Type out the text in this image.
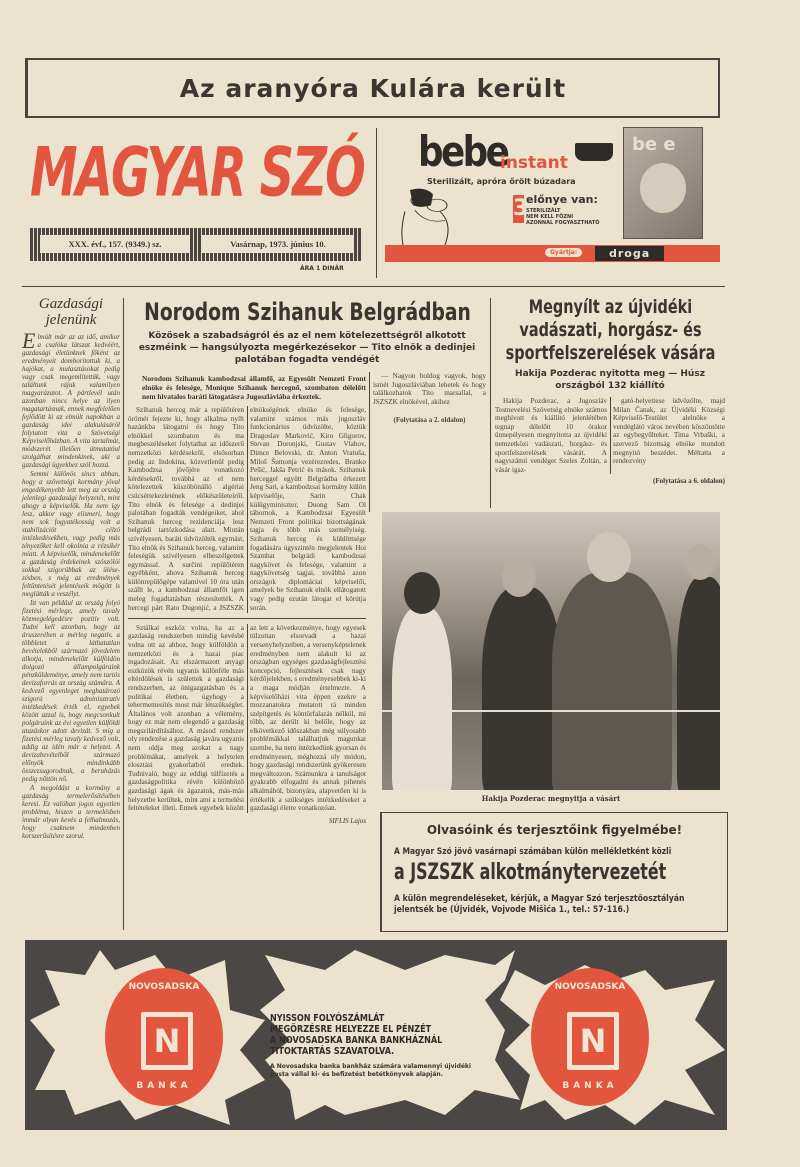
Az aranyóra Kulára került
MAGYAR SZÓ
XXX. évf., 157. (9349.) sz.	Vasárnap, 1973. június 10.
ÁRA 1 DINÁR
bebe
instant
Sterilizált, apróra őrölt búzadara
3
előnye van:
STERILIZÁLT
NEM KELL FŐZNI
AZONNAL FOGYASZTHATÓ
be e
Gyártja:	droga
Gazdasági jelenünk

Elmúlt már az az idő, amikor a csalóka látszat kedvéért, gazdasági életünknek főként az eredményeit domborítottuk ki, a hajókat, a mulasztásokat pedig vagy csak megemlítettük, vagy találtunk rájuk valamilyen magyarázatot. A pártlevél után azonban nincs helye az ilyen magatartásnak, ennek megfelelően fejlődött ki az elmúlt napokban a gazdaság idei alakulásáról folytatott vita a Szövetségi Képviselőházban. A vita tartalmát, módszerét illetően útmutatóul szolgálhat mindenkinek, aki a gazdasági ügyekhez szól hozzá.

Semmi különös sincs abban, hogy a szövetségi kormány jóval engedékenyebb lett meg az ország jelenlegi gazdasági helyzetét, mint ahogy a képviselők. Ha nem így lesz, akkor vagy elismeri, hogy nem sok fogyatékosság volt a stabilizációt célzó intézkedésekben, vagy pedig más tényezőket kell okolnia a rézsikér miatt. A képviselők, mindenekelőtt a gazdaság érdekeinek szószólói sokkal szigorúbbak az ülésezésben, s még az eredmények feltüntetését jelentéseik mögött is meglátták a veszélyt.

Itt van például az ország folyó fizetési mérlege, amely tavaly közmegelégedésre pozitív volt. Tudni kell azonban, hogy az áruszerében a mérleg negatív, a többletet a láthatatlan bevételekből származó jövedelem alkotja, mindenekelőtt külföldön dolgozó állampolgáraink pénzküldeménye, amely nem tartós devizaforrás az ország számára. A kedvező egyenleget meghatározó szigorú adminisztratív intézkedések érték el, egyebek között azzal is, hogy megcsonkult polgáraink az évi egyetlen külföldi utazáskor adott devizát. S míg a fizetési mérleg tavaly kedvező volt, addig az idén már a helyzet. A devizabevételből származó előnyök mindinkább összezsugorodnak, a beruházás pedig nőttön nő.

A megoldást a kormány a gazdaság termelerősítésében keresi. Ez valóban jogos egyetlen probléma, hiszen a termelésben immár olyan kevés a felhalmozás, hogy csaknem mindenben korszerűsítésre szorul.

Norodom Szihanuk Belgrádban
Közösek a szabadságról és az el nem kötelezettségről alkotott eszméink — hangsúlyozta megérkezésekor — Tito elnök a dedinjei palotában fogadta vendégét
Norodom Szihanuk kambodzsai államfő, az Egyesült Nemzeti Front elnöke és felesége, Monique Szihanuk hercegnő, szombaton délelőtt nem hivatalos baráti látogatásra Jugoszláviába érkeztek.

Szihanuk herceg már a repülőtéren örömét fejezte ki, hogy alkalma nyílt hazánkba látogatni és hogy Tito elnökkel szombaton és ma megbeszéléseket folytathat az időszerű nemzetközi kérdésekről, elsősorban pedig az Indokína, közvetlenül pedig Kambodzsa jövőjére vonatkozó kérdésekről, továbbá az el nem kötelezettek küszöbönálló algériai csúcsértekezletének előkészületeiről. Tito elnök és felesége a dedinjei palotában fogadták vendégeiket, ahol Szihanuk herceg rezidenciája lesz belgrádi tartózkodása alatt. Miután szívélyesen, baráti üdvözölték egymást, Tito elnök és Szihanuk herceg, valamint feleségük szívélyesen elbeszélgettek egymással. A surčini repülőtéren egyébként, ahova Szihanuk herceg különrepülőgépe valamivel 10 óra után szállt le, a kambodzsai államfőt igen meleg fogadtatásban részesítették. A hercegi párt Rato Dugonjić, a JSZSZK elnökségének elnöke és felesége, valamint számos más jugoszláv funkcionárius üdvözölte, köztük Dragoslav Marković, Kiro Gligorov, Stevan Doronjski, Gustav Vlahov, Dimce Belovski, dr. Anton Vratuša, Miloš Šumonja vezérezredes, Branko Pešić, Jakša Petrić és mások. Szihanuk herceggel együtt Belgrádba érkezett Jeng Sari, a kambodzsai kormány külön képviselője, Sarin Chak külügyminiszter, Duong Sam Ol tábornok, a Kambodzsai Egyesült Nemzeti Front politikai bizottságának tagja és több más személyiség. Szihanuk herceg és küldöttsége fogadására úgyszintén megjelentek Hoi Szambat belgrádi kambodzsai nagykövet és felesége, valamint a nagykövetség tagjai, továbbá azon országok diplomáciai képviselői, amelyek be Szihanuk elnök ellátogatott vagy pedig ezután látogat el körútja során.

Sztálkai eszköz volna, ha az a gazdaság rendszerben mindig kevésbé volna ott az ahhoz, hogy külföldön a nemzetközi és a hazai piac ingadozásait. Az elszármazott anyagi eszközök révén ugyanis különféle más eltérdölések is születtek a gazdasági rendszerben, az önigazgatásban és a politikai életben, úgyhogy a tehermentesítés most már létszükséglet. Általános volt azonban a vélemény, hogy ez már nem elegendő a gazdaság megszilárdításához. A másod rendszer oly rendezése a gazdaság javára ugyanis nem oldja meg azokat a nagy problémákat, amelyek a helytelen elosztási gyakorlatból eredtek. Tudnivaló, hogy az eddigi túlfizetés a gazdaságpolitika révén különböző gazdasági ágak és ágazatok, más-más helyzetbe kerültek, mint ami a termelési feltételeket illeti. Ennek egyebek között az lett a következménye, hogy egyesek túlzottan elsorvadt a hazai versenyhelyzetben, a versenyképtelenek eredményben nem alakult ki az országban egységes gazdaságfejlesztési koncepció, fejlesztések csak nagy kérdőjelekben, s eredményesebbek ki-ki a maga módján értelmezte. A képviselőházi vita éppen ezekre a mozzanatokra mutatott rá minden szépítgetés és köntörfalazás nélkül, mi több, az derült ki belőle, hogy az elkövetkező időszakban még súlyosabb problémákkal találhatjuk magunkat szembe, ha nem intézkedünk gyorsan és eredményesen, méghozzá oly módon, hogy gazdasági rendszerünk gyökeresen megváltozzon. Számunkra a tanulságot gyakrabb elfogadni és annak pihenés alkalmából, bizonyára, alapvetően ki is értékelik a szükséges intézkedéseket a gazdasági életre vonatkozóan.

SIFLIS Lajos

— Nagyon boldog vagyok, hogy ismét Jugoszláviában lehetek és hogy találkozhatok Tito marsallal, a JSZSZK elnökével, akihez

(Folytatása a 2. oldalon)
Megnyílt az újvidéki vadászati, horgász- és sportfelszerelések vására
Hakija Pozderac nyitotta meg — Húsz országból 132 kiállító

Hakija Pozderac, a Jugoszláv Testnevelési Szövetség elnöke számos meghívott és kiállító jelenlétében tegnap délelőtt 10 órakor ünnepélyesen megnyitotta az újvidéki nemzetközi vadászati, horgász- és sportfelszerelések vásárát. A nagyszámú vendéget Szeles Zoltán, a vásár igaz-

gató-helyettese üdvözölte, majd Milan Čanak, az Újvidéki Községi Képviselő-Testület alelnöke a vendéglátó város nevében köszöntötte az egybegyűlteket. Tima Vrbaški, a szervező bizottság elnöke mondott megnyitó beszédet. Méltatta a rendezvény

(Folytatása a 6. oldalon)
Hakija Pozderac megnyitja a vásárt
Olvasóink és terjesztőink figyelmébe!
A Magyar Szó jövő vasárnapi számában külön mellékletként közli
a JSZSZK alkotmánytervezetét
A külön megrendeléseket, kérjük, a Magyar Szó terjesztőosztályán jelentsék be (Újvidék, Vojvode Mišića 1., tel.: 57-116.)
NOVOSADSKA
N
BANKA
NOVOSADSKA
N
BANKA
NYISSON FOLYÓSZÁMLÁT
MEGŐRZÉSRE HELYEZZE EL PÉNZÉT
A NOVOSADSKA BANKA BANKHÁZNÁL
TITOKTARTÁS SZAVATOLVA.
A Novosadska banka bankház számára valamennyi újvidéki posta vállal ki- és befizetést betétkönyvek alapján.
